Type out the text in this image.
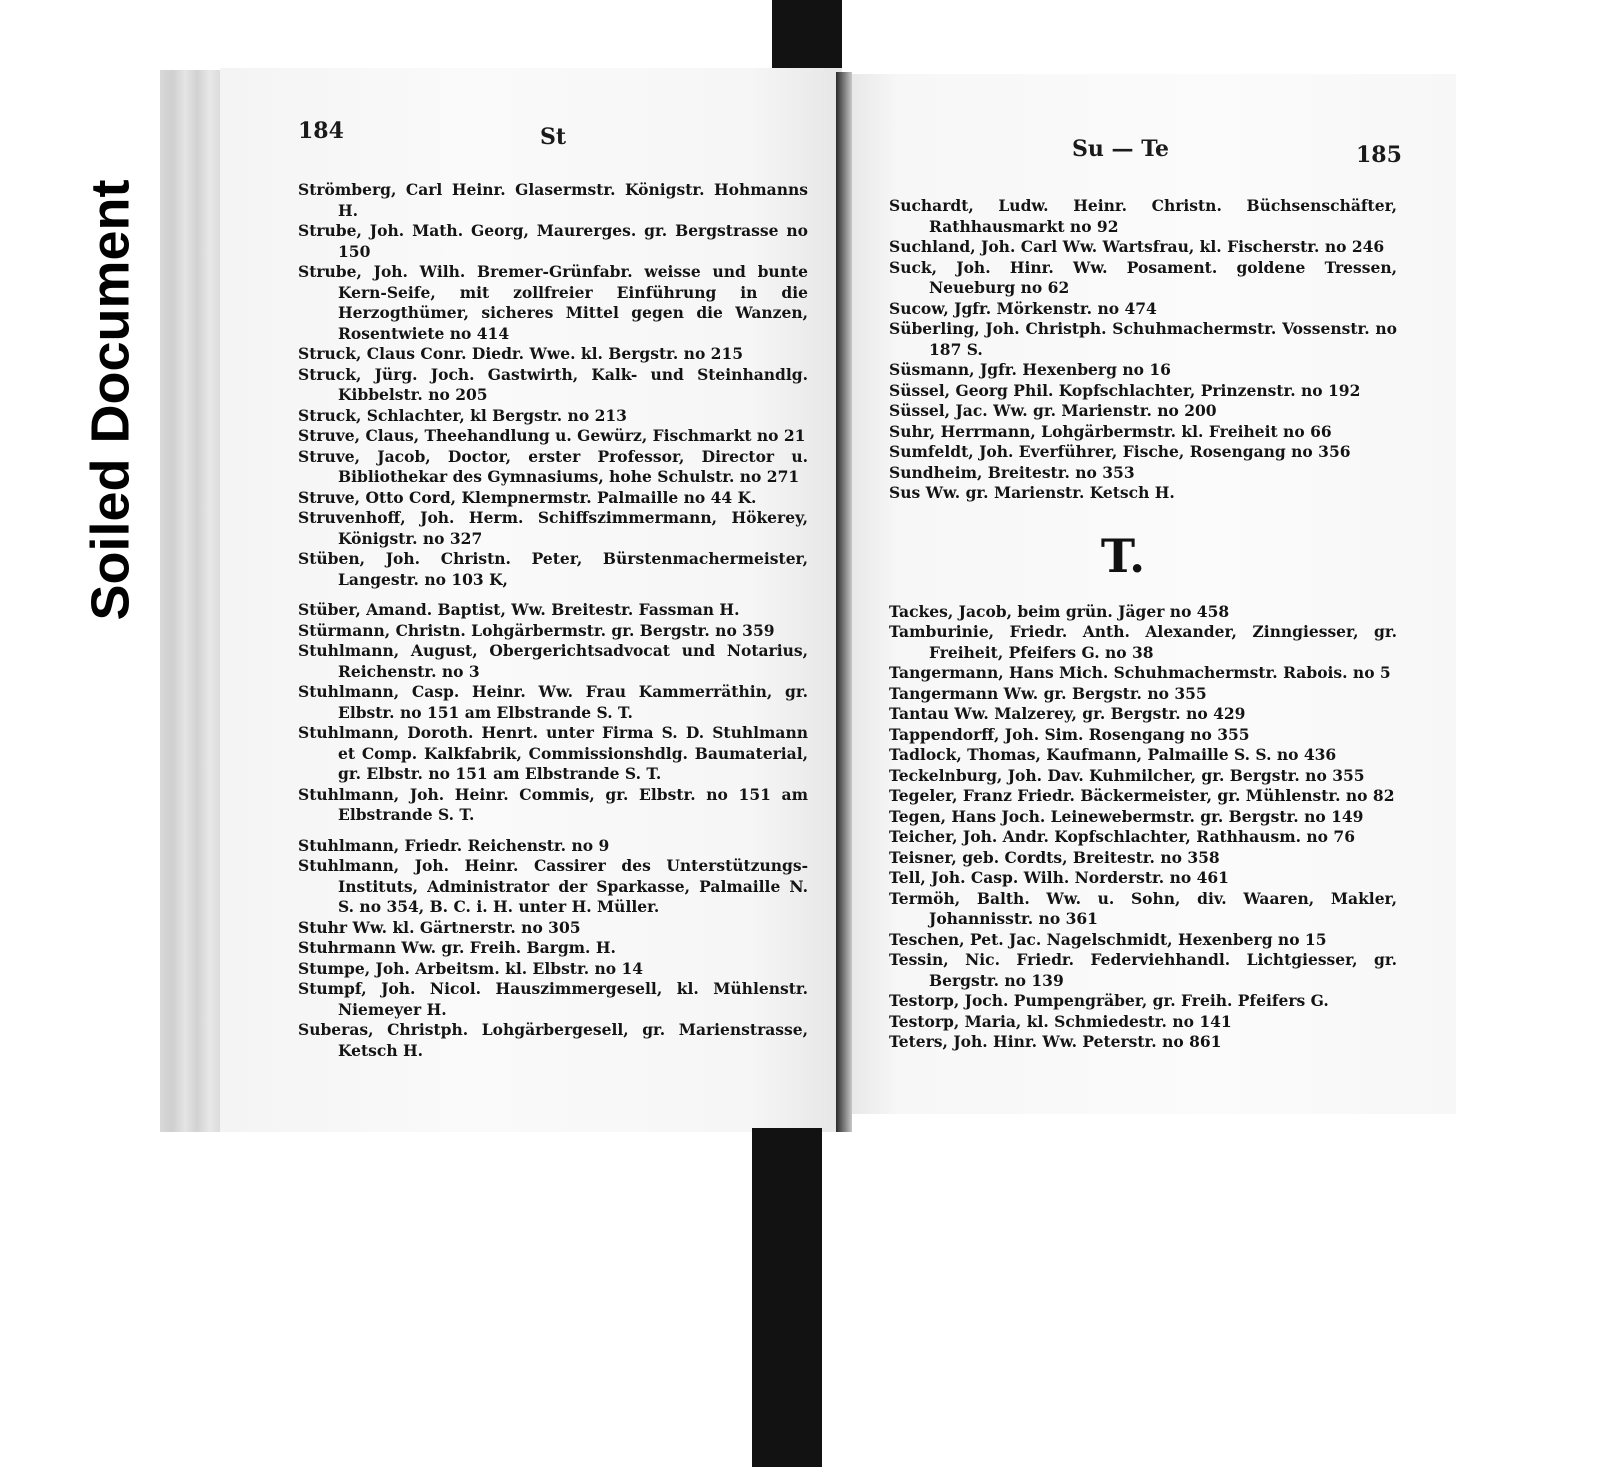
Soiled Document
184	St	Su — Te	185
Strömberg, Carl Heinr. Glasermstr. Königstr. Hohmanns H.
Strube, Joh. Math. Georg, Maurerges. gr. Bergstrasse no 150
Strube, Joh. Wilh. Bremer-Grünfabr. weisse und bunte Kern-Seife, mit zollfreier Einführung in die Herzogthümer, sicheres Mittel gegen die Wanzen, Rosentwiete no 414
Struck, Claus Conr. Diedr. Wwe. kl. Bergstr. no 215
Struck, Jürg. Joch. Gastwirth, Kalk- und Steinhandlg. Kibbelstr. no 205
Struck, Schlachter, kl Bergstr. no 213
Struve, Claus, Theehandlung u. Gewürz, Fischmarkt no 21
Struve, Jacob, Doctor, erster Professor, Director u. Bibliothekar des Gymnasiums, hohe Schulstr. no 271
Struve, Otto Cord, Klempnermstr. Palmaille no 44 K.
Struvenhoff, Joh. Herm. Schiffszimmermann, Hökerey, Königstr. no 327
Stüben, Joh. Christn. Peter, Bürstenmachermeister, Langestr. no 103 K,
Stüber, Amand. Baptist, Ww. Breitestr. Fassman H.
Stürmann, Christn. Lohgärbermstr. gr. Bergstr. no 359
Stuhlmann, August, Obergerichtsadvocat und Notarius, Reichenstr. no 3
Stuhlmann, Casp. Heinr. Ww. Frau Kammerräthin, gr. Elbstr. no 151 am Elbstrande S. T.
Stuhlmann, Doroth. Henrt. unter Firma S. D. Stuhlmann et Comp. Kalkfabrik, Commissionshdlg. Baumaterial, gr. Elbstr. no 151 am Elbstrande S. T.
Stuhlmann, Joh. Heinr. Commis, gr. Elbstr. no 151 am Elbstrande S. T.
Stuhlmann, Friedr. Reichenstr. no 9
Stuhlmann, Joh. Heinr. Cassirer des Unterstützungs-Instituts, Administrator der Sparkasse, Palmaille N. S. no 354, B. C. i. H. unter H. Müller.
Stuhr Ww. kl. Gärtnerstr. no 305
Stuhrmann Ww. gr. Freih. Bargm. H.
Stumpe, Joh. Arbeitsm. kl. Elbstr. no 14
Stumpf, Joh. Nicol. Hauszimmergesell, kl. Mühlenstr. Niemeyer H.
Suberas, Christph. Lohgärbergesell, gr. Marienstrasse, Ketsch H.
Suchardt, Ludw. Heinr. Christn. Büchsenschäfter, Rathhausmarkt no 92
Suchland, Joh. Carl Ww. Wartsfrau, kl. Fischerstr. no 246
Suck, Joh. Hinr. Ww. Posament. goldene Tressen, Neueburg no 62
Sucow, Jgfr. Mörkenstr. no 474
Süberling, Joh. Christph. Schuhmachermstr. Vossenstr. no 187 S.
Süsmann, Jgfr. Hexenberg no 16
Süssel, Georg Phil. Kopfschlachter, Prinzenstr. no 192
Süssel, Jac. Ww. gr. Marienstr. no 200
Suhr, Herrmann, Lohgärbermstr. kl. Freiheit no 66
Sumfeldt, Joh. Everführer, Fische, Rosengang no 356
Sundheim, Breitestr. no 353
Sus Ww. gr. Marienstr. Ketsch H.
T.
Tackes, Jacob, beim grün. Jäger no 458
Tamburinie, Friedr. Anth. Alexander, Zinngiesser, gr. Freiheit, Pfeifers G. no 38
Tangermann, Hans Mich. Schuhmachermstr. Rabois. no 5
Tangermann Ww. gr. Bergstr. no 355
Tantau Ww. Malzerey, gr. Bergstr. no 429
Tappendorff, Joh. Sim. Rosengang no 355
Tadlock, Thomas, Kaufmann, Palmaille S. S. no 436
Teckelnburg, Joh. Dav. Kuhmilcher, gr. Bergstr. no 355
Tegeler, Franz Friedr. Bäckermeister, gr. Mühlenstr. no 82
Tegen, Hans Joch. Leinewebermstr. gr. Bergstr. no 149
Teicher, Joh. Andr. Kopfschlachter, Rathhausm. no 76
Teisner, geb. Cordts, Breitestr. no 358
Tell, Joh. Casp. Wilh. Norderstr. no 461
Termöh, Balth. Ww. u. Sohn, div. Waaren, Makler, Johannisstr. no 361
Teschen, Pet. Jac. Nagelschmidt, Hexenberg no 15
Tessin, Nic. Friedr. Federviehhandl. Lichtgiesser, gr. Bergstr. no 139
Testorp, Joch. Pumpengräber, gr. Freih. Pfeifers G.
Testorp, Maria, kl. Schmiedestr. no 141
Teters, Joh. Hinr. Ww. Peterstr. no 861
